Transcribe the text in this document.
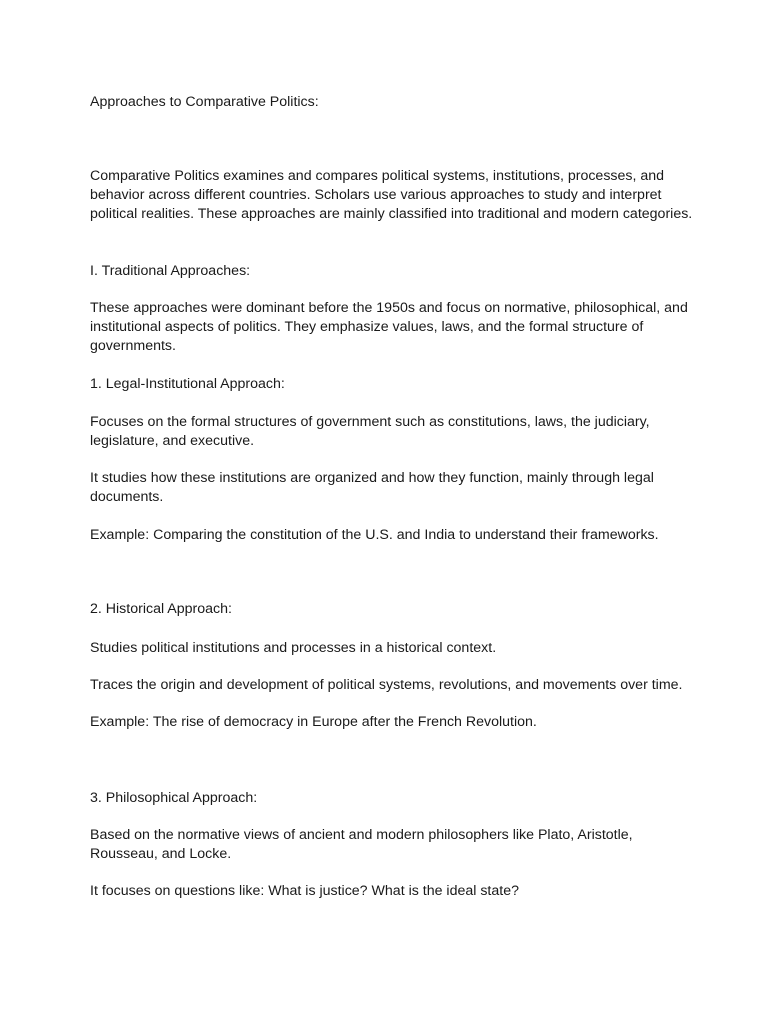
Approaches to Comparative Politics:

Comparative Politics examines and compares political systems, institutions, processes, and
behavior across different countries. Scholars use various approaches to study and interpret
political realities. These approaches are mainly classified into traditional and modern categories.

I. Traditional Approaches:

These approaches were dominant before the 1950s and focus on normative, philosophical, and
institutional aspects of politics. They emphasize values, laws, and the formal structure of
governments.

1. Legal-Institutional Approach:

Focuses on the formal structures of government such as constitutions, laws, the judiciary,
legislature, and executive.

It studies how these institutions are organized and how they function, mainly through legal
documents.

Example: Comparing the constitution of the U.S. and India to understand their frameworks.

2. Historical Approach:

Studies political institutions and processes in a historical context.

Traces the origin and development of political systems, revolutions, and movements over time.

Example: The rise of democracy in Europe after the French Revolution.

3. Philosophical Approach:

Based on the normative views of ancient and modern philosophers like Plato, Aristotle,
Rousseau, and Locke.

It focuses on questions like: What is justice? What is the ideal state?
